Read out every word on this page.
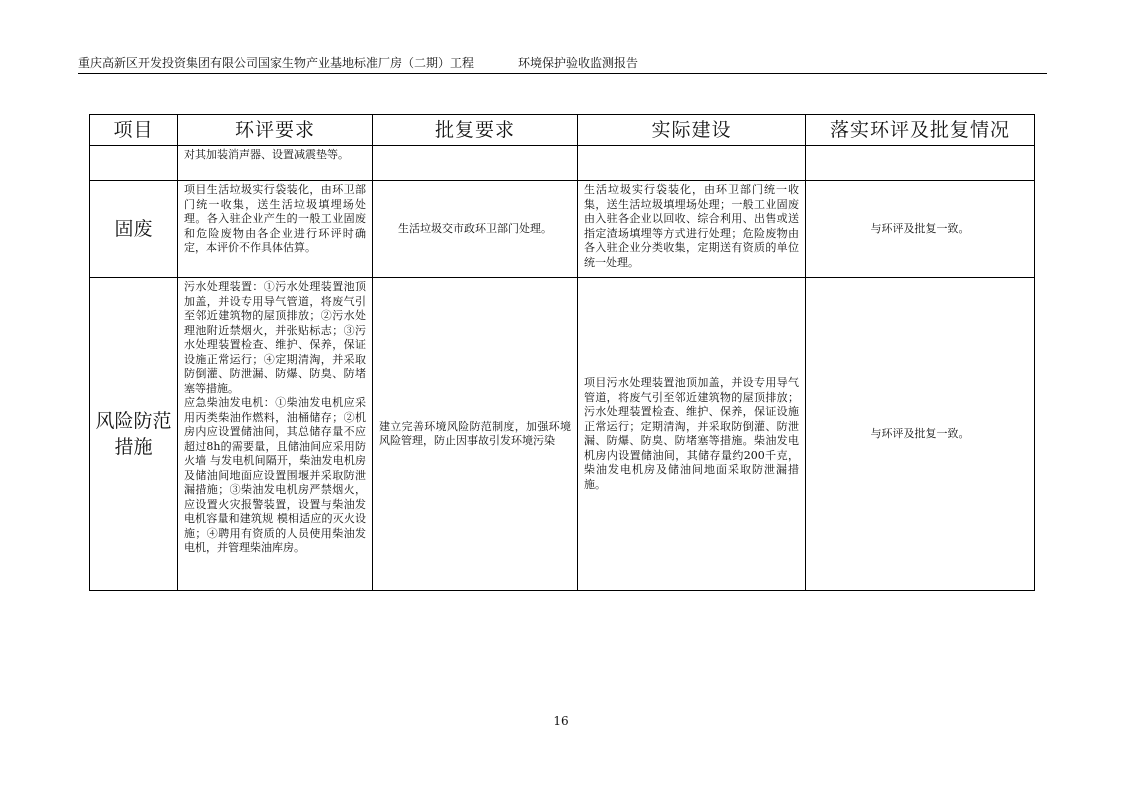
重庆高新区开发投资集团有限公司国家生物产业基地标准厂房（二期）工程	环境保护验收监测报告
项目	环评要求	批复要求	实际建设	落实环评及批复情况
	对其加装消声器、设置减震垫等。			
固废	项目生活垃圾实行袋装化，由环卫部门统一收集，送生活垃圾填埋场处理。各入驻企业产生的一般工业固废和危险废物由各企业进行环评时确定，本评价不作具体估算。	生活垃圾交市政环卫部门处理。	生活垃圾实行袋装化，由环卫部门统一收集，送生活垃圾填埋场处理；一般工业固废由入驻各企业以回收、综合利用、出售或送指定渣场填埋等方式进行处理；危险废物由各入驻企业分类收集，定期送有资质的单位统一处理。	与环评及批复一致。
风险防范措施	污水处理装置：①污水处理装置池顶加盖，并设专用导气管道，将废气引至邻近建筑物的屋顶排放；②污水处理池附近禁烟火，并张贴标志；③污水处理装置检查、维护、保养，保证设施正常运行；④定期清淘，并采取防倒灌、防泄漏、防爆、防臭、防堵塞等措施。
应急柴油发电机：①柴油发电机应采用丙类柴油作燃料，油桶储存；②机房内应设置储油间，其总储存量不应超过8h的需要量，且储油间应采用防火墙 与发电机间隔开，柴油发电机房及储油间地面应设置围堰并采取防泄漏措施；③柴油发电机房严禁烟火，应设置火灾报警装置，设置与柴油发电机容量和建筑规 模相适应的灭火设施；④聘用有资质的人员使用柴油发电机，并管理柴油库房。	建立完善环境风险防范制度，加强环境风险管理，防止因事故引发环境污染	项目污水处理装置池顶加盖，并设专用导气管道，将废气引至邻近建筑物的屋顶排放；污水处理装置检查、维护、保养，保证设施正常运行；定期清淘，并采取防倒灌、防泄漏、防爆、防臭、防堵塞等措施。柴油发电机房内设置储油间，其储存量约200千克，柴油发电机房及储油间地面采取防泄漏措施。	与环评及批复一致。
16
